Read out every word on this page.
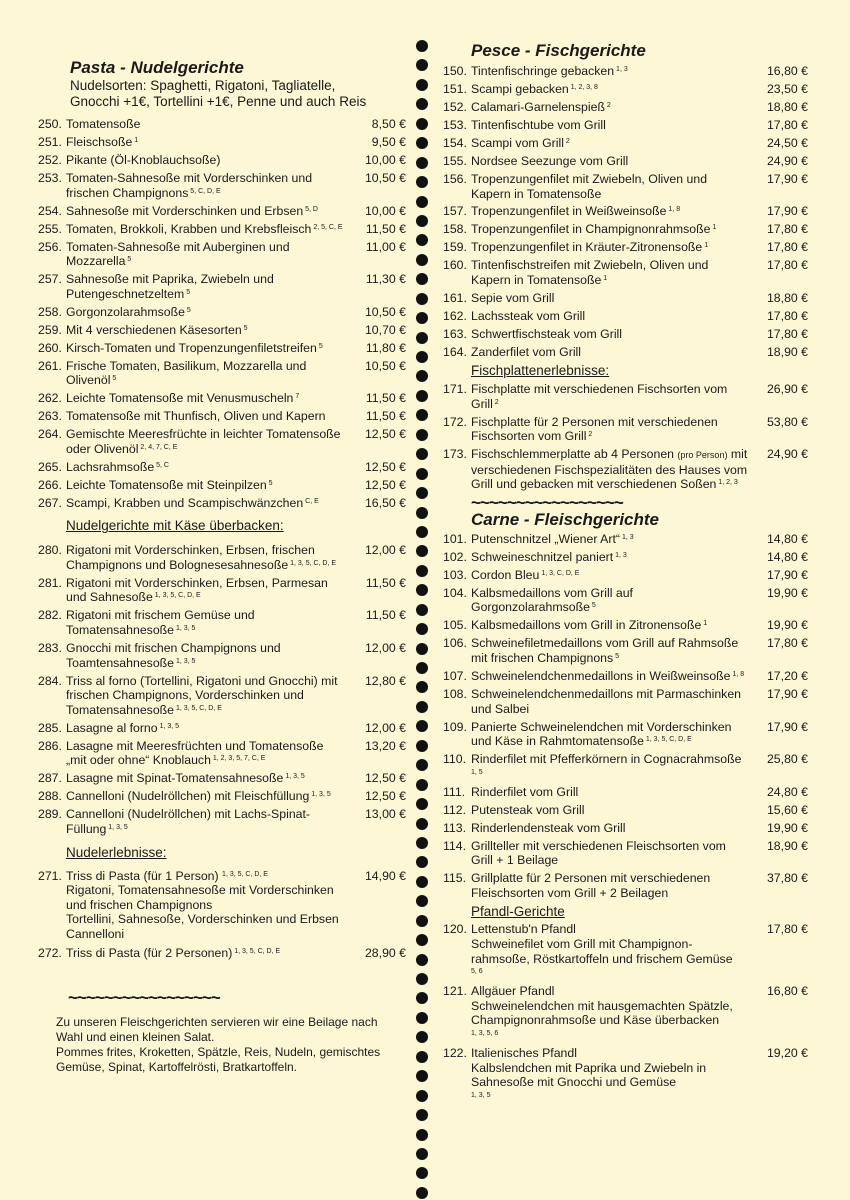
Pasta - Nudelgerichte
Nudelsorten: Spaghetti, Rigatoni, Tagliatelle,
Gnocchi +1€, Tortellini +1€, Penne und auch Reis
250. Tomatensoße	8,50 €
251. Fleischsoße $^1$	9,50 €
252. Pikante (Öl-Knoblauchsoße)	10,00 €
253. Tomaten-Sahnesoße mit Vorderschinken und frischen Champignons $^{5, C, D, E}$
10,50 €
254. Sahnesoße mit Vorderschinken und Erbsen $^{5, D}$	10,00 €
255. Tomaten, Brokkoli, Krabben und Krebsfleisch $^{2, 5, C, E}$ 11,50 €
256. Tomaten-Sahnesoße mit Auberginen und Mozzarella $^5$
11,00 €
257. Sahnesoße mit Paprika, Zwiebeln und Putengeschnetzeltem $^5$
11,30 €
258. Gorgonzolarahmsoße $^5$	10,50 €
259. Mit 4 verschiedenen Käsesorten $^5$	10,70 €
260. Kirsch-Tomaten und Tropenzungenfiletstreifen $^5$	11,80 €
261. Frische Tomaten, Basilikum, Mozzarella und Olivenöl $^5$
10,50 €
262. Leichte Tomatensoße mit Venusmuscheln $^7$	11,50 €
263. Tomatensoße mit Thunfisch, Oliven und Kapern	11,50 €
264. Gemischte Meeresfrüchte in leichter Tomatensoße oder Olivenöl $^{2, 4, 7, C, E}$
12,50 €
265. Lachsrahmsoße $^{5, C}$	12,50 €
266. Leichte Tomatensoße mit Steinpilzen $^5$	12,50 €
267. Scampi, Krabben und Scampischwänzchen $^{C, E}$	16,50 €
Nudelgerichte mit Käse überbacken:
280. Rigatoni mit Vorderschinken, Erbsen, frischen Champignons und Bolognesesahnesoße $^{1, 3, 5, C, D, E}$
12,00 €
281. Rigatoni mit Vorderschinken, Erbsen, Parmesan und Sahnesoße $^{1, 3, 5, C, D, E}$
11,50 €
282. Rigatoni mit frischem Gemüse und Tomatensahnesoße $^{1, 3, 5}$
11,50 €
283. Gnocchi mit frischen Champignons und Toamtensahnesoße $^{1, 3, 5}$
12,00 €
284. Triss al forno (Tortellini, Rigatoni und Gnocchi) mit frischen Champignons, Vorderschinken und Tomatensahnesoße $^{1, 3, 5, C, D, E}$
12,80 €
285. Lasagne al forno $^{1, 3, 5}$	12,00 €
286. Lasagne mit Meeresfrüchten und Tomatensoße „mit oder ohne“ Knoblauch $^{1, 2, 3, 5, 7, C, E}$
13,20 €
287. Lasagne mit Spinat-Tomatensahnesoße $^{1, 3, 5}$	12,50 €
288. Cannelloni (Nudelröllchen) mit Fleischfüllung $^{1, 3, 5}$	12,50 €
289. Cannelloni (Nudelröllchen) mit Lachs-Spinat-Füllung $^{1, 3, 5}$
13,00 €
Nudelerlebnisse:
271. Triss di Pasta (für 1 Person) $^{1, 3, 5, C, D, E}$	14,90 €
Rigatoni, Tomatensahnesoße mit Vorderschinken und frischen Champignons
Tortellini, Sahnesoße, Vorderschinken und Erbsen
Cannelloni
272. Triss di Pasta (für 2 Personen) $^{1, 3, 5, C, D, E}$	28,90 €
~~~~~~~~~~~~~~~~~
Zu unseren Fleischgerichten servieren wir eine Beilage nach Wahl und einen kleinen Salat.
Pommes frites, Kroketten, Spätzle, Reis, Nudeln, gemischtes Gemüse, Spinat, Kartoffelrösti, Bratkartoffeln.
Pesce - Fischgerichte
150. Tintenfischringe gebacken $^{1, 3}$	16,80 €
151. Scampi gebacken $^{1, 2, 3, 8}$	23,50 €
152. Calamari-Garnelenspieß $^2$	18,80 €
153. Tintenfischtube vom Grill	17,80 €
154. Scampi vom Grill $^2$	24,50 €
155. Nordsee Seezunge vom Grill	24,90 €
156. Tropenzungenfilet mit Zwiebeln, Oliven und Kapern in Tomatensoße
17,90 €
157. Tropenzungenfilet in Weißweinsoße $^{1, 8}$	17,90 €
158. Tropenzungenfilet in Champignonrahmsoße $^1$	17,80 €
159. Tropenzungenfilet in Kräuter-Zitronensoße $^1$	17,80 €
160. Tintenfischstreifen mit Zwiebeln, Oliven und Kapern in Tomatensoße $^1$
17,80 €
161. Sepie vom Grill	18,80 €
162. Lachssteak vom Grill	17,80 €
163. Schwertfischsteak vom Grill	17,80 €
164. Zanderfilet vom Grill	18,90 €
Fischplattenerlebnisse:
171. Fischplatte mit verschiedenen Fischsorten vom Grill $^2$
26,90 €
172. Fischplatte für 2 Personen mit verschiedenen Fischsorten vom Grill $^2$
53,80 €
173. Fischschlemmerplatte ab 4 Personen (pro Person) mit verschiedenen Fischspezialitäten des Hauses vom Grill und gebacken mit verschiedenen Soßen $^{1, 2, 3}$
24,90 €
~~~~~~~~~~~~~~~~~
Carne - Fleischgerichte
101. Putenschnitzel „Wiener Art“ $^{1, 3}$	14,80 €
102. Schweineschnitzel paniert $^{1, 3}$	14,80 €
103. Cordon Bleu $^{1, 3, C, D, E}$	17,90 €
104. Kalbsmedaillons vom Grill auf Gorgonzolarahmsoße $^5$
19,90 €
105. Kalbsmedaillons vom Grill in Zitronensoße $^1$	19,90 €
106. Schweinefiletmedaillons vom Grill auf Rahmsoße mit frischen Champignons $^5$
17,80 €
107. Schweinelendchenmedaillons in Weißweinsoße $^{1, 8}$ 17,20 €
108. Schweinelendchenmedaillons mit Parmaschinken und Salbei
17,90 €
109. Panierte Schweinelendchen mit Vorderschinken und Käse in Rahmtomatensoße $^{1, 3, 5, C, D, E}$
17,90 €
110. Rinderfilet mit Pfefferkörnern in Cognacrahmsoße $^{1, 5}$
25,80 €
111. Rinderfilet vom Grill	24,80 €
112. Putensteak vom Grill	15,60 €
113. Rinderlendensteak vom Grill	19,90 €
114. Grillteller mit verschiedenen Fleischsorten vom Grill + 1 Beilage
18,90 €
115. Grillplatte für 2 Personen mit verschiedenen Fleischsorten vom Grill + 2 Beilagen
37,80 €
Pfandl-Gerichte
120. Lettenstub'n Pfandl
Schweinefilet vom Grill mit Champignon-rahmsoße, Röstkartoffeln und frischem Gemüse
$^{5, 6}$
17,80 €
121. Allgäuer Pfandl
Schweinelendchen mit hausgemachten Spätzle, Champignonrahmsoße und Käse überbacken
$^{1, 3, 5, 6}$
16,80 €
122. Italienisches Pfandl
Kalbslendchen mit Paprika und Zwiebeln in Sahnesoße mit Gnocchi und Gemüse
$^{1, 3, 5}$
19,20 €
